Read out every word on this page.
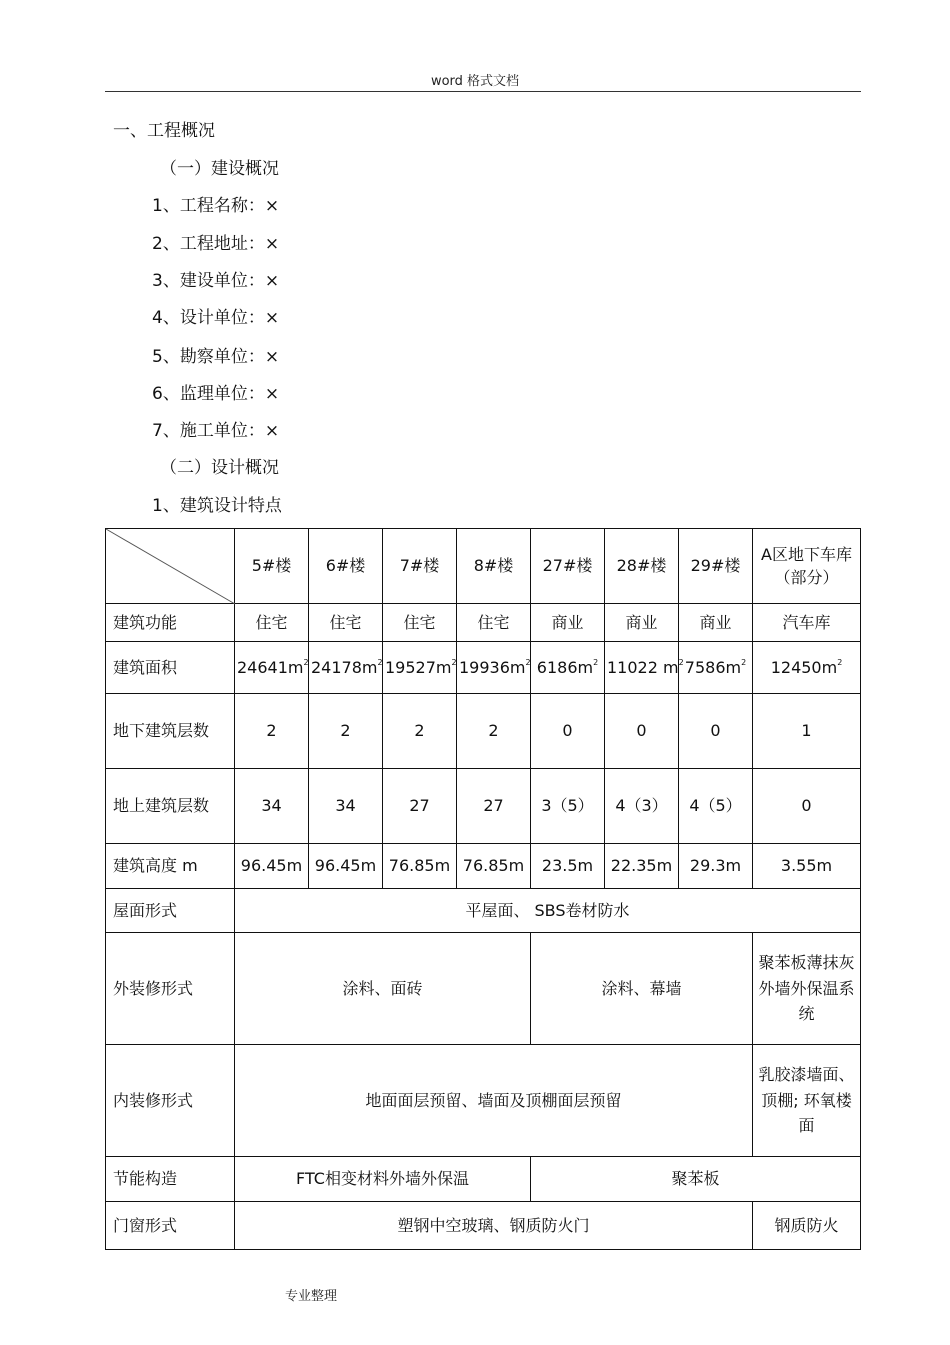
word 格式文档
一、工程概况
（一）建设概况
1、工程名称：×
2、工程地址：×
3、建设单位：×
4、设计单位：×
5、勘察单位：×
6、监理单位：×
7、施工单位：×
（二）设计概况
1、建筑设计特点
	5#楼	6#楼	7#楼	8#楼	27#楼	28#楼	29#楼	A区地下车库（部分）
建筑功能	住宅	住宅	住宅	住宅	商业	商业	商业	汽车库
建筑面积	$24641m^2$	$24178m^2$	$19527m^2$	$19936m^2$	$6186m^2$	11022 $m^2$	$7586m^2$	$12450m^2$
地下建筑层数	2	2	2	2	0	0	0	1
地上建筑层数	34	34	27	27	3（5）	4（3）	4（5）	0
建筑高度 m	96.45m	96.45m	76.85m	76.85m	23.5m	22.35m	29.3m	3.55m
屋面形式	平屋面、 SBS卷材防水							
外装修形式	涂料、面砖				涂料、幕墙			聚苯板薄抹灰外墙外保温系统
内装修形式	地面面层预留、墙面及顶棚面层预留							乳胶漆墙面、顶棚; 环氧楼面
节能构造	FTC相变材料外墙外保温				聚苯板			
门窗形式	塑钢中空玻璃、钢质防火门							钢质防火
专业整理
